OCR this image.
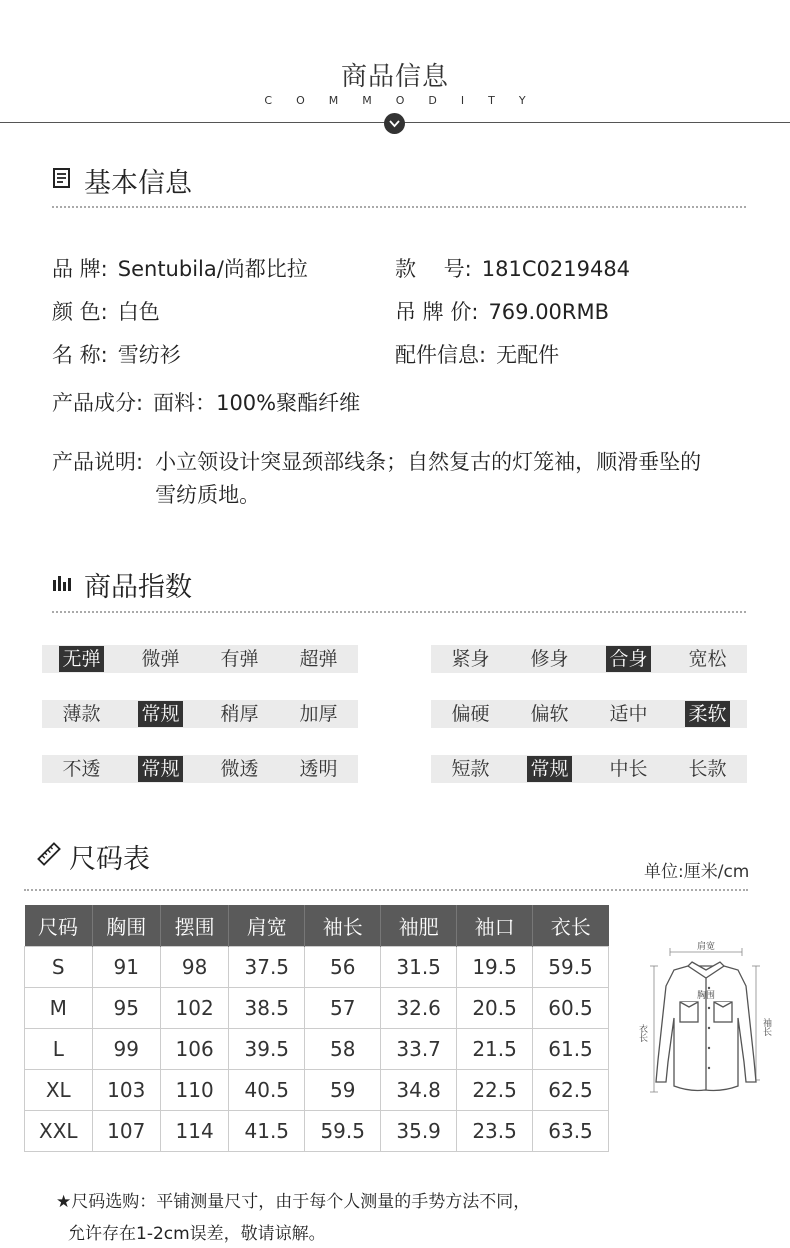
商品信息
COMMODITY
基本信息
品 牌: Sentubila/尚都比拉	款　 号: 181C0219484
颜 色: 白色	吊 牌 价: 769.00RMB
名 称: 雪纺衫	配件信息: 无配件
产品成分: 面料：100%聚酯纤维
产品说明: 小立领设计突显颈部线条；自然复古的灯笼袖，顺滑垂坠的雪纺质地。
商品指数
无弹 微弹 有弹 超弹	紧身 修身 合身 宽松
薄款 常规 稍厚 加厚	偏硬 偏软 适中 柔软
不透 常规 微透 透明	短款 常规 中长 长款
尺码表	单位:厘米/cm
尺码	胸围	摆围	肩宽	袖长	袖肥	袖口	衣长
S	91	98	37.5	56	31.5	19.5	59.5
M	95	102	38.5	57	32.6	20.5	60.5
L	99	106	39.5	58	33.7	21.5	61.5
XL	103	110	40.5	59	34.8	22.5	62.5
XXL	107	114	41.5	59.5	35.9	23.5	63.5
肩宽
胸围
衣长	袖长
★尺码选购：平铺测量尺寸，由于每个人测量的手势方法不同，
允许存在1-2cm误差，敬请谅解。
